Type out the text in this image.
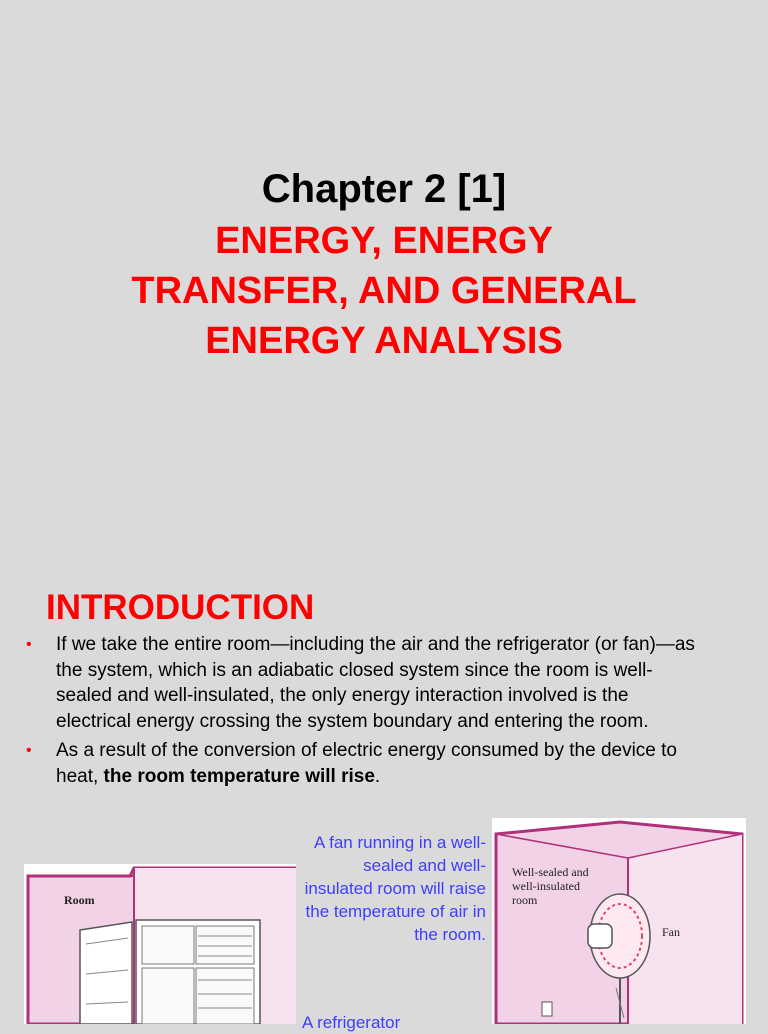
Chapter 2 [1]
ENERGY, ENERGY
TRANSFER, AND GENERAL
ENERGY ANALYSIS
INTRODUCTION
• If we take the entire room—including the air and the refrigerator (or fan)—as the system, which is an adiabatic closed system since the room is well-sealed and well-insulated, the only energy interaction involved is the electrical energy crossing the system boundary and entering the room.
• As a result of the conversion of electric energy consumed by the device to heat, the room temperature will rise.

A fan running in a well-sealed and well-insulated room will raise the temperature of air in the room.

A refrigerator

Room
Well-sealed and
well-insulated
room
Fan
